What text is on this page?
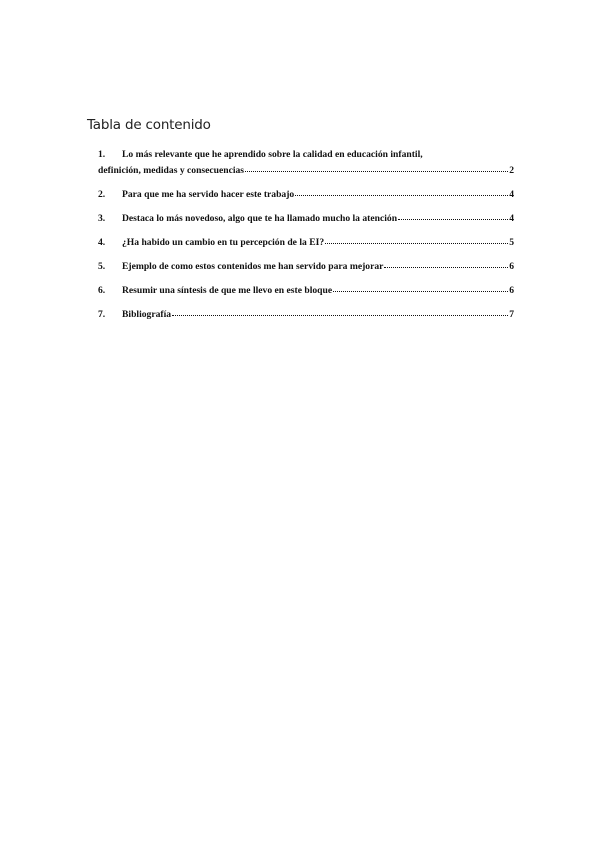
Tabla de contenido
1.	Lo más relevante que he aprendido sobre la calidad en educación infantil,
definición, medidas y consecuencias	2
2.	Para que me ha servido hacer este trabajo	4
3.	Destaca lo más novedoso, algo que te ha llamado mucho la atención	4
4.	¿Ha habido un cambio en tu percepción de la EI?	5
5.	Ejemplo de como estos contenidos me han servido para mejorar	6
6.	Resumir una síntesis de que me llevo en este bloque	6
7.	Bibliografía	7
